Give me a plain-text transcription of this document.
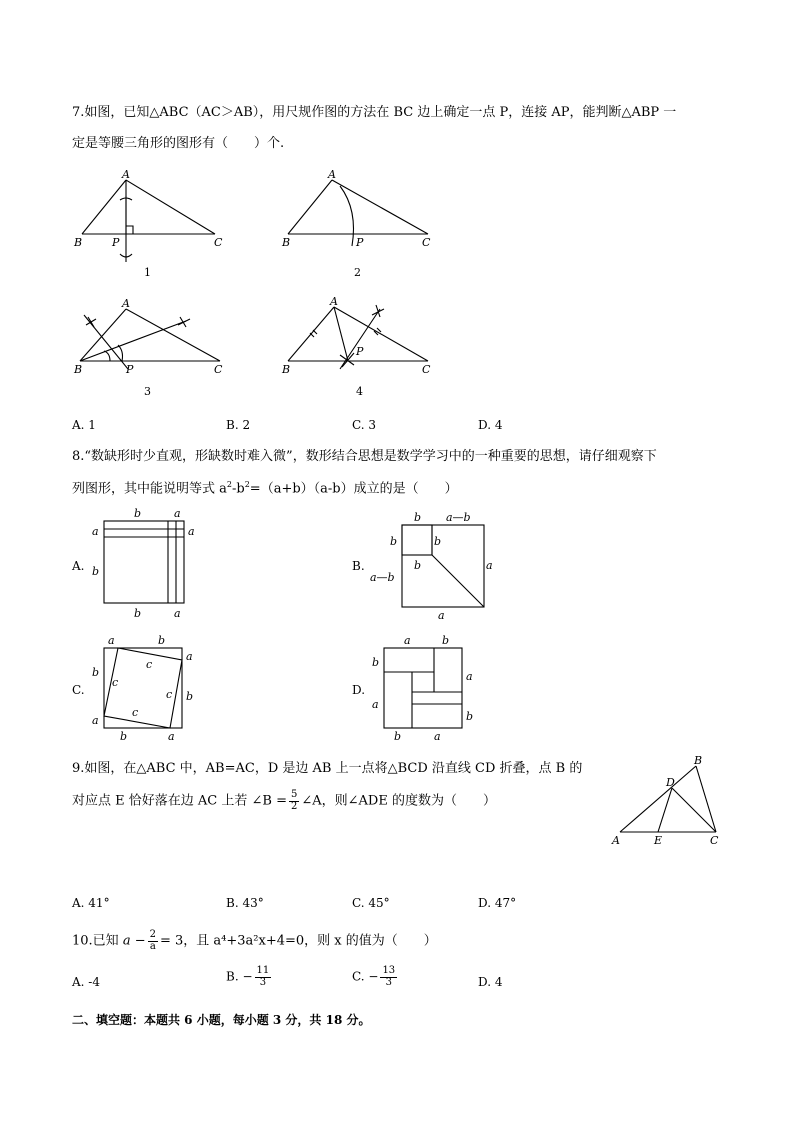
7.如图，已知△ABC（AC＞AB），用尺规作图的方法在 BC 边上确定一点 P，连接 AP，能判断△ABP 一
定是等腰三角形的图形有（　　）个.
A
B	P	C
1
A
B	P	C
2
A
B	P	C
3
A
B
P
C
4
A. 1	B. 2	C. 3	D. 4
8.“数缺形时少直观，形缺数时难入微”，数形结合思想是数学学习中的一种重要的思想，请仔细观察下
列图形，其中能说明等式 $a^2-b^2=(a+b)(a-b)$成立的是（　　）
A.
b	a
a
b
a
b	a
B.
b a—b
b	b
b
a—b
a
a
C.
a	b
b
a
a
b
c
c
c
c
b	a
D.
a	b
b
a
a
b
b	a
9.如图，在△ABC 中，AB=AC，D 是边 AB 上一点将△BCD 沿直线 CD 折叠，点 B 的
对应点 E 恰好落在边 AC 上若 ∠B = $\frac{5}{2}$ ∠A，则∠ADE 的度数为（　　）
B
D
A	E	C
A. 41°	B. 43°	C. 45°	D. 47°
10.已知 $a - \frac{2}{a} = 3$，且 a⁴+3a²x+4=0，则 x 的值为（　　）
A. -4	B. − $\frac{11}{3}$	C. − $\frac{13}{3}$	D. 4
二、填空题：本题共 6 小题，每小题 3 分，共 18 分。
